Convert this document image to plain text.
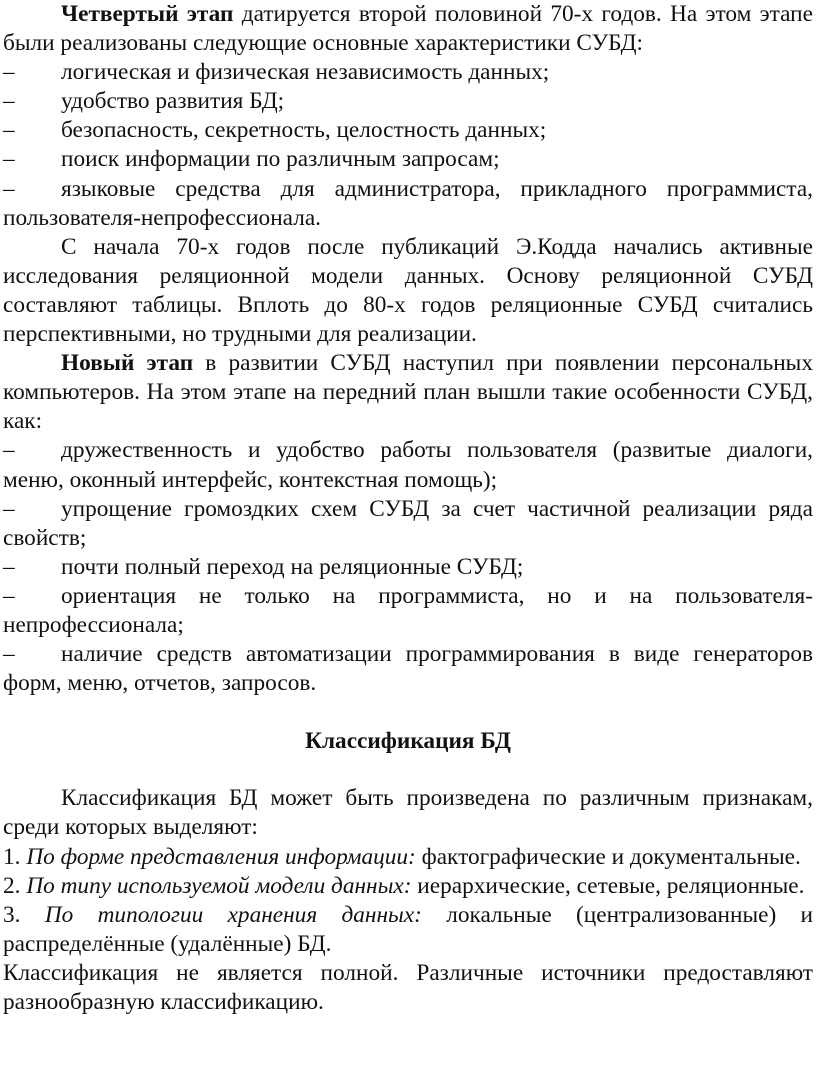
Четвертый этап датируется второй половиной 70-х годов. На этом этапе были реализованы следующие основные характеристики СУБД:

– логическая и физическая независимость данных;

– удобство развития БД;

– безопасность, секретность, целостность данных;

– поиск информации по различным запросам;

– языковые средства для администратора, прикладного программиста, пользователя-непрофессионала.

С начала 70-х годов после публикаций Э.Кодда начались активные исследования реляционной модели данных. Основу реляционной СУБД составляют таблицы. Вплоть до 80-х годов реляционные СУБД считались перспективными, но трудными для реализации.

Новый этап в развитии СУБД наступил при появлении персональных компьютеров. На этом этапе на передний план вышли такие особенности СУБД, как:

– дружественность и удобство работы пользователя (развитые диалоги, меню, оконный интерфейс, контекстная помощь);

– упрощение громоздких схем СУБД за счет частичной реализации ряда свойств;

– почти полный переход на реляционные СУБД;

– ориентация не только на программиста, но и на пользователя-непрофессионала;

– наличие средств автоматизации программирования в виде генераторов форм, меню, отчетов, запросов.

Классификация БД

Классификация БД может быть произведена по различным признакам, среди которых выделяют:

1. По форме представления информации: фактографические и документальные.

2. По типу используемой модели данных: иерархические, сетевые, реляционные.

3. По типологии хранения данных: локальные (централизованные) и распределённые (удалённые) БД.

Классификация не является полной. Различные источники предоставляют разнообразную классификацию.
